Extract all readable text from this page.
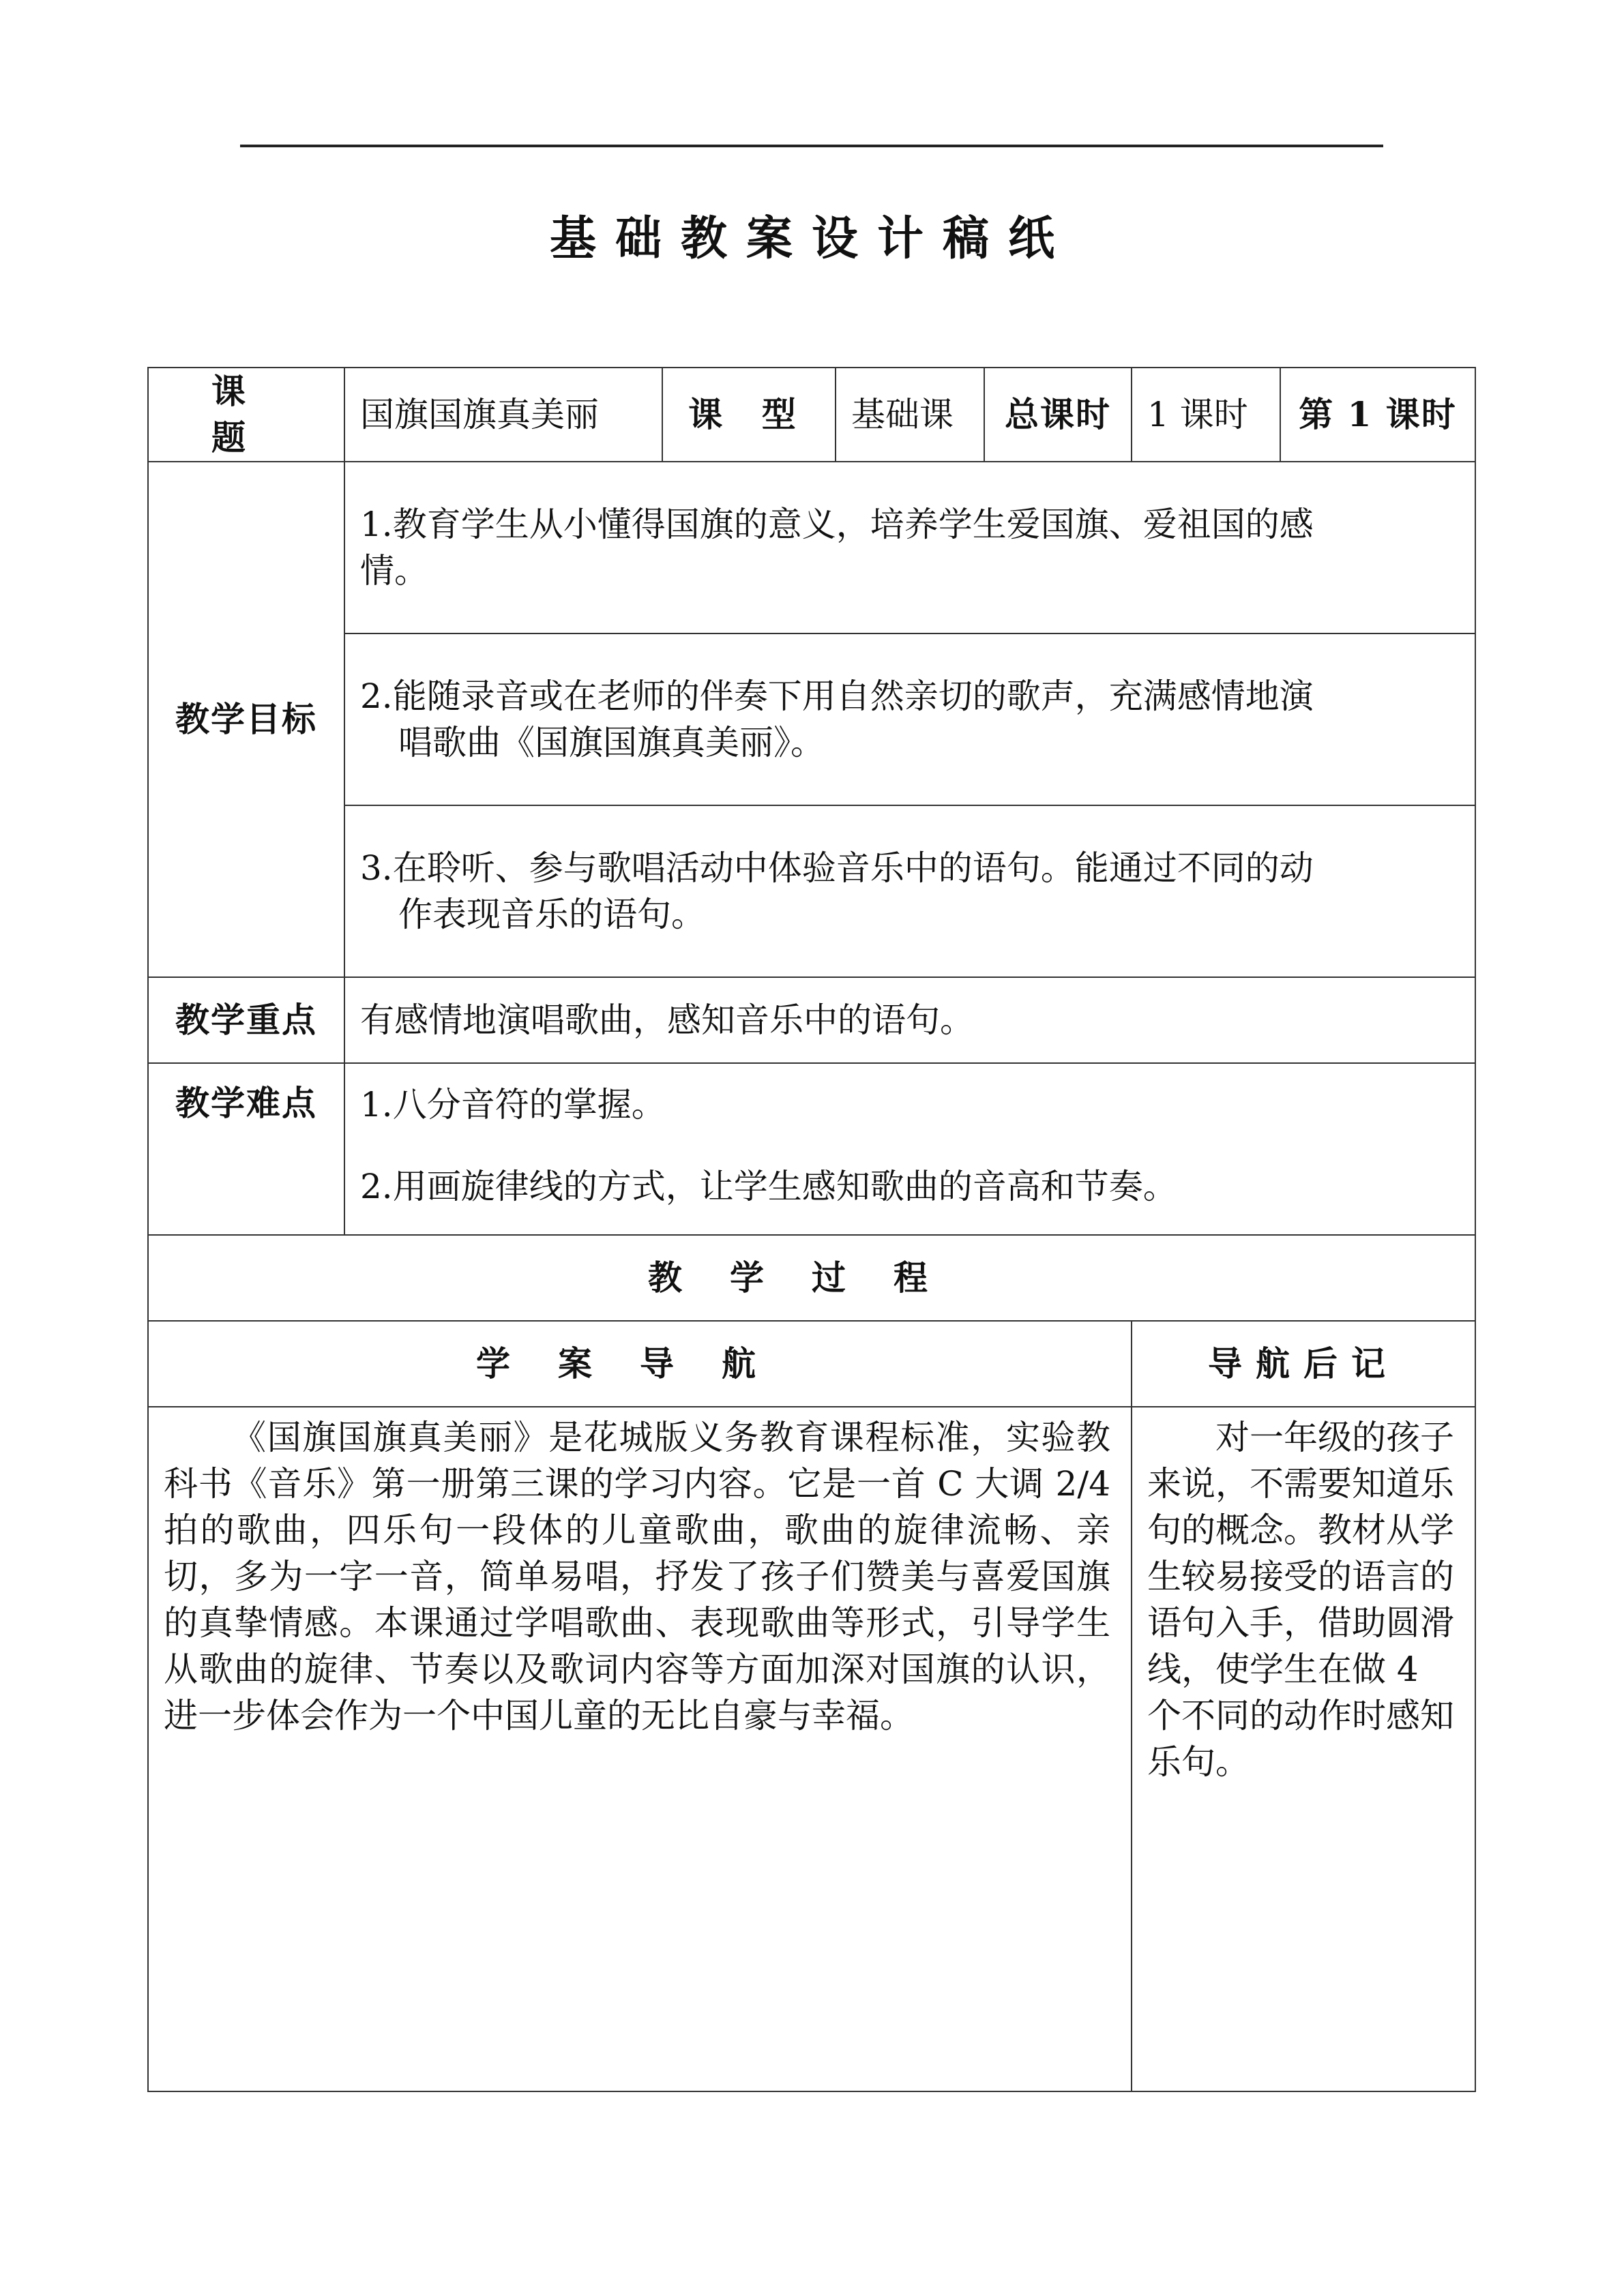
基础教案设计稿纸
课　题	国旗国旗真美丽	课 型	基础课	总课时	1 课时	第 1 课时
教学目标	1.教育学生从小懂得国旗的意义，培养学生爱国旗、爱祖国的感
情。					

	2.能随录音或在老师的伴奏下用自然亲切的歌声，充满感情地演
唱歌曲《国旗国旗真美丽》。					

	3.在聆听、参与歌唱活动中体验音乐中的语句。能通过不同的动
作表现音乐的语句。					

教学重点	有感情地演唱歌曲，感知音乐中的语句。					
教学难点	1.八分音符的掌握。
2.用画旋律线的方式，让学生感知歌曲的音高和节奏。					

教学过程						
学案导航					导航后记	
《国旗国旗真美丽》是花城版义务教育课程标准，实验教科书《音乐》第一册第三课的学习内容。它是一首 C 大调 2/4 拍的歌曲，四乐句一段体的儿童歌曲，歌曲的旋律流畅、亲切，多为一字一音，简单易唱，抒发了孩子们赞美与喜爱国旗的真挚情感。本课通过学唱歌曲、表现歌曲等形式，引导学生从歌曲的旋律、节奏以及歌词内容等方面加深对国旗的认识，进一步体会作为一个中国儿童的无比自豪与幸福。					对一年级的孩子来说，不需要知道乐句的概念。教材从学生较易接受的语言的语句入手，借助圆滑线，使学生在做 4 个不同的动作时感知乐句。	
